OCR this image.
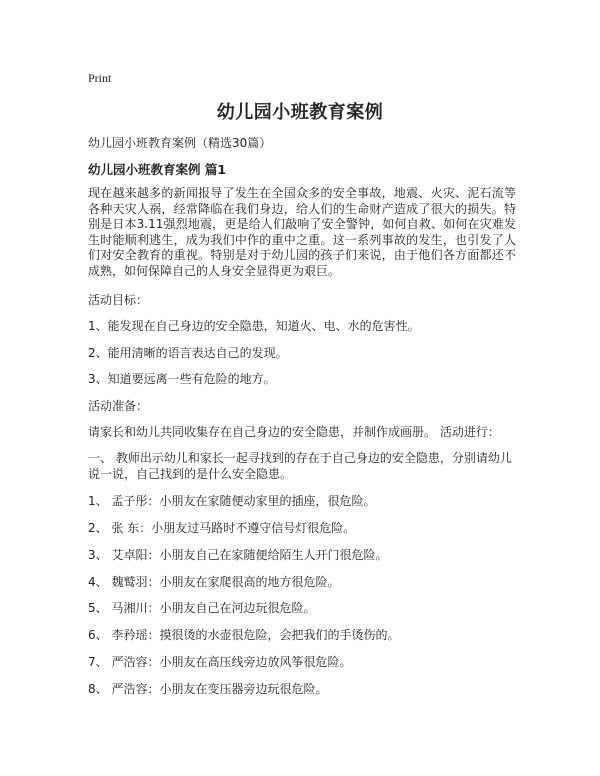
Print
幼儿园小班教育案例
幼儿园小班教育案例（精选30篇）
幼儿园小班教育案例 篇1

现在越来越多的新闻报导了发生在全国众多的安全事故，地震、火灾、泥石流等各种天灾人祸，经常降临在我们身边，给人们的生命财产造成了很大的损失。特别是日本3.11强烈地震，更是给人们敲响了安全警钟，如何自救、如何在灾难发生时能顺利逃生，成为我们中作的重中之重。这一系列事故的发生，也引发了人们对安全教育的重视。特别是对于幼儿园的孩子们来说，由于他们各方面都还不成熟，如何保障自己的人身安全显得更为艰巨。

活动目标：

1、能发现在自己身边的安全隐患，知道火、电、水的危害性。

2、能用清晰的语言表达自己的发现。

3、知道要远离一些有危险的地方。

活动准备：

请家长和幼儿共同收集存在自己身边的安全隐患，并制作成画册。 活动进行：

一、 教师出示幼儿和家长一起寻找到的存在于自己身边的安全隐患，分别请幼儿说一说，自己找到的是什么安全隐患。

1、 孟子彤：小朋友在家随便动家里的插座，很危险。

2、 张 东：小朋友过马路时不遵守信号灯很危险。

3、 艾卓阳：小朋友自己在家随便给陌生人开门很危险。

4、 魏鹫羽：小朋友在家爬很高的地方很危险。

5、 马湘川：小朋友自己在河边玩很危险。

6、 李矜瑶：摸很烫的水壶很危险，会把我们的手烫伤的。

7、 严浩容：小朋友在高压线旁边放风筝很危险。

8、 严浩容：小朋友在变压器旁边玩很危险。
